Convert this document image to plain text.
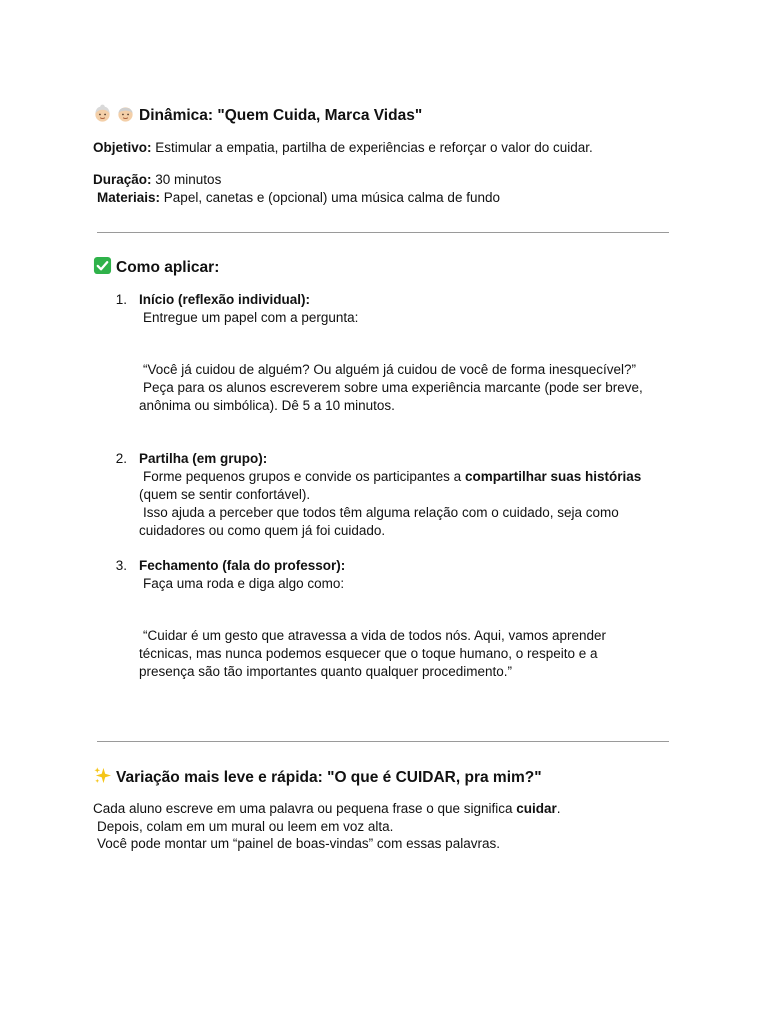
Dinâmica: "Quem Cuida, Marca Vidas"
Objetivo: Estimular a empatia, partilha de experiências e reforçar o valor do cuidar.
Duração: 30 minutos
Materiais: Papel, canetas e (opcional) uma música calma de fundo
Como aplicar:
1. Início (reflexão individual):
Entregue um papel com a pergunta:
“Você já cuidou de alguém? Ou alguém já cuidou de você de forma inesquecível?”
Peça para os alunos escreverem sobre uma experiência marcante (pode ser breve,
anônima ou simbólica). Dê 5 a 10 minutos.
2. Partilha (em grupo):
Forme pequenos grupos e convide os participantes a compartilhar suas histórias
(quem se sentir confortável).
Isso ajuda a perceber que todos têm alguma relação com o cuidado, seja como
cuidadores ou como quem já foi cuidado.
3. Fechamento (fala do professor):
Faça uma roda e diga algo como:
“Cuidar é um gesto que atravessa a vida de todos nós. Aqui, vamos aprender
técnicas, mas nunca podemos esquecer que o toque humano, o respeito e a
presença são tão importantes quanto qualquer procedimento.”
Variação mais leve e rápida: "O que é CUIDAR, pra mim?"
Cada aluno escreve em uma palavra ou pequena frase o que significa cuidar.
Depois, colam em um mural ou leem em voz alta.
Você pode montar um “painel de boas-vindas” com essas palavras.
